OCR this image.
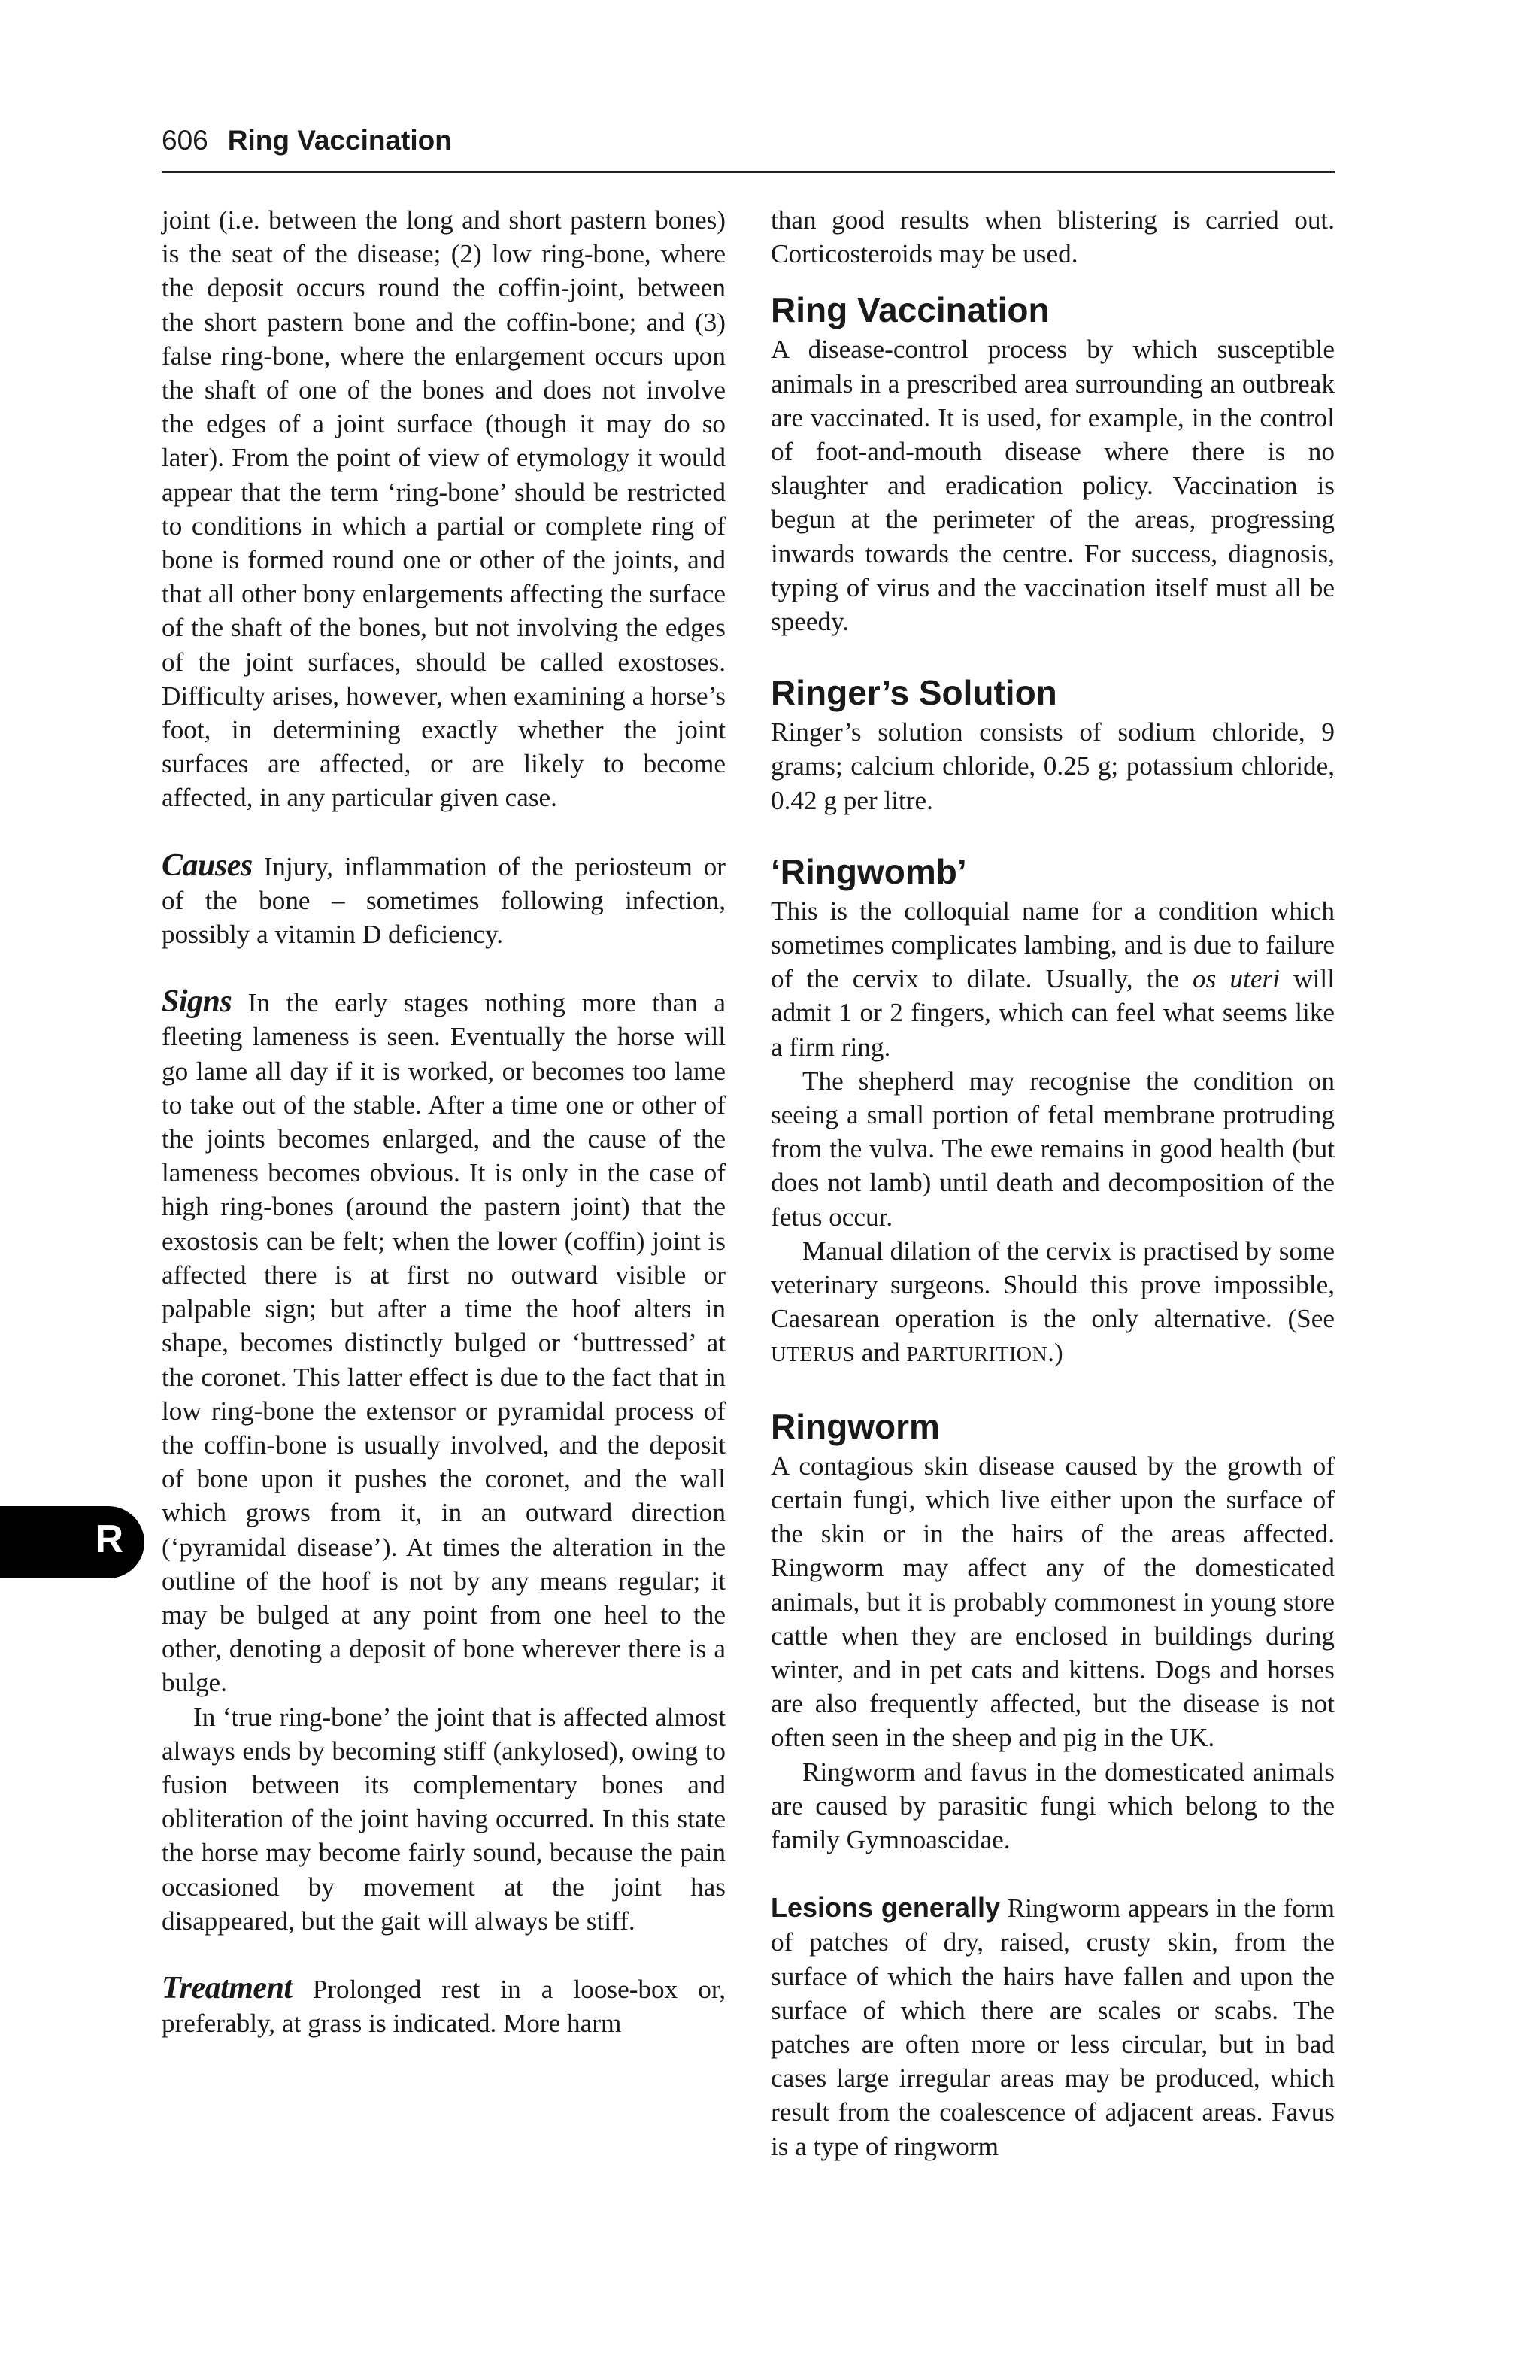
606 Ring Vaccination
R

joint (i.e. between the long and short pastern bones) is the seat of the disease; (2) low ring-bone, where the deposit occurs round the coffin-joint, between the short pastern bone and the coffin-bone; and (3) false ring-bone, where the enlargement occurs upon the shaft of one of the bones and does not involve the edges of a joint surface (though it may do so later). From the point of view of etymology it would appear that the term ‘ring-bone’ should be restricted to conditions in which a partial or complete ring of bone is formed round one or other of the joints, and that all other bony enlargements affecting the surface of the shaft of the bones, but not involving the edges of the joint surfaces, should be called exostoses. Difficulty arises, however, when examining a horse’s foot, in determining exactly whether the joint surfaces are affected, or are likely to become affected, in any particular given case.

Causes Injury, inflammation of the periosteum or of the bone – sometimes following infection, possibly a vitamin D deficiency.

Signs In the early stages nothing more than a fleeting lameness is seen. Eventually the horse will go lame all day if it is worked, or becomes too lame to take out of the stable. After a time one or other of the joints becomes enlarged, and the cause of the lameness becomes obvious. It is only in the case of high ring-bones (around the pastern joint) that the exostosis can be felt; when the lower (coffin) joint is affected there is at first no outward visible or palpable sign; but after a time the hoof alters in shape, becomes distinctly bulged or ‘buttressed’ at the coronet. This latter effect is due to the fact that in low ring-bone the extensor or pyramidal process of the coffin-bone is usually involved, and the deposit of bone upon it pushes the coronet, and the wall which grows from it, in an outward direction (‘pyramidal disease’). At times the alteration in the outline of the hoof is not by any means regular; it may be bulged at any point from one heel to the other, denoting a deposit of bone wherever there is a bulge.

In ‘true ring-bone’ the joint that is affected almost always ends by becoming stiff (ankylosed), owing to fusion between its complementary bones and obliteration of the joint having occurred. In this state the horse may become fairly sound, because the pain occasioned by movement at the joint has disappeared, but the gait will always be stiff.

Treatment Prolonged rest in a loose-box or, preferably, at grass is indicated. More harm

than good results when blistering is carried out. Corticosteroids may be used.

Ring Vaccination

A disease-control process by which susceptible animals in a prescribed area surrounding an outbreak are vaccinated. It is used, for example, in the control of foot-and-mouth disease where there is no slaughter and eradication policy. Vaccination is begun at the perimeter of the areas, progressing inwards towards the centre. For success, diagnosis, typing of virus and the vaccination itself must all be speedy.

Ringer’s Solution

Ringer’s solution consists of sodium chloride, 9 grams; calcium chloride, 0.25 g; potassium chloride, 0.42 g per litre.

‘Ringwomb’

This is the colloquial name for a condition which sometimes complicates lambing, and is due to failure of the cervix to dilate. Usually, the os uteri will admit 1 or 2 fingers, which can feel what seems like a firm ring.

The shepherd may recognise the condition on seeing a small portion of fetal membrane protruding from the vulva. The ewe remains in good health (but does not lamb) until death and decomposition of the fetus occur.

Manual dilation of the cervix is practised by some veterinary surgeons. Should this prove impossible, Caesarean operation is the only alternative. (See UTERUS and PARTURITION.)

Ringworm

A contagious skin disease caused by the growth of certain fungi, which live either upon the surface of the skin or in the hairs of the areas affected. Ringworm may affect any of the domesticated animals, but it is probably commonest in young store cattle when they are enclosed in buildings during winter, and in pet cats and kittens. Dogs and horses are also frequently affected, but the disease is not often seen in the sheep and pig in the UK.

Ringworm and favus in the domesticated animals are caused by parasitic fungi which belong to the family Gymnoascidae.

Lesions generally Ringworm appears in the form of patches of dry, raised, crusty skin, from the surface of which the hairs have fallen and upon the surface of which there are scales or scabs. The patches are often more or less circular, but in bad cases large irregular areas may be produced, which result from the coalescence of adjacent areas. Favus is a type of ringworm
